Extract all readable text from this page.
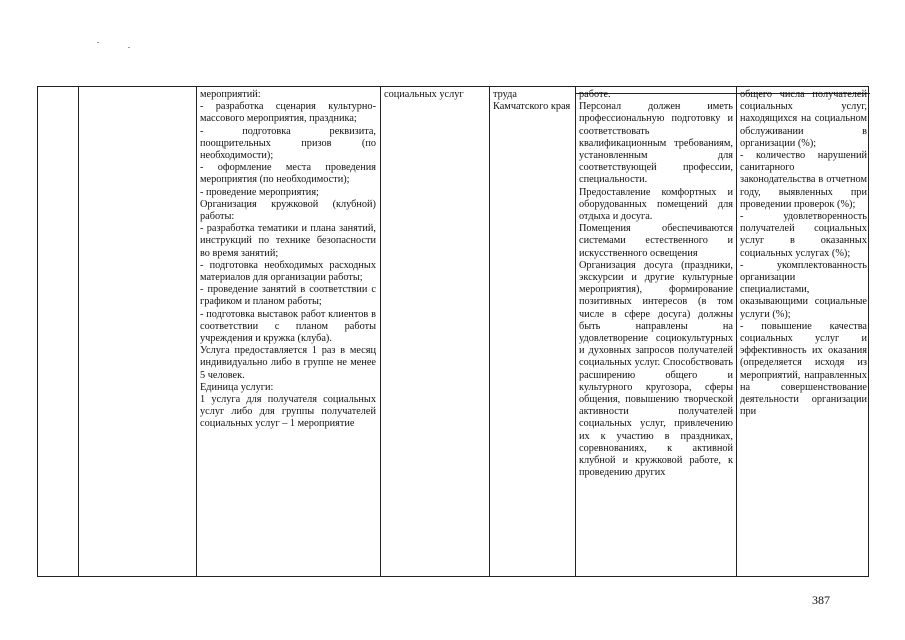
мероприятий:
- разработка сценария культурно-массового мероприятия, праздника;
- подготовка реквизита, поощрительных призов (по необходимости);
- оформление места проведения мероприятия (по необходимости);
- проведение мероприятия;
Организация кружковой (клубной) работы:
- разработка тематики и плана занятий, инструкций по технике безопасности во время занятий;
- подготовка необходимых расходных материалов для организации работы;
- проведение занятий в соответствии с графиком и планом работы;
- подготовка выставок работ клиентов в соответствии с планом работы учреждения и кружка (клуба).
Услуга предоставляется 1 раз в месяц индивидуально либо в группе не менее 5 человек.
Единица услуги:
1 услуга для получателя социальных услуг либо для группы получателей социальных услуг – 1 мероприятие
социальных услуг	труда Камчатского края
работе.
Персонал должен иметь профессиональную подготовку и соответствовать квалификационным требованиям, установленным для соответствующей профессии, специальности.
Предоставление комфортных и оборудованных помещений для отдыха и досуга.
Помещения обеспечиваются системами естественного и искусственного освещения
Организация досуга (праздники, экскурсии и другие культурные мероприятия), формирование позитивных интересов (в том числе в сфере досуга) должны быть направлены на удовлетворение социокультурных и духовных запросов получателей социальных услуг. Способствовать расширению общего и культурного кругозора, сферы общения, повышению творческой активности получателей социальных услуг, привлечению их к участию в праздниках, соревнованиях, к активной клубной и кружковой работе, к проведению других
общего числа получателей социальных услуг, находящихся на социальном обслуживании в организации (%);
- количество нарушений санитарного законодательства в отчетном году, выявленных при проведении проверок (%);
- удовлетворенность получателей социальных услуг в оказанных социальных услугах (%);
- укомплектованность организации специалистами, оказывающими социальные услуги (%);
- повышение качества социальных услуг и эффективность их оказания (определяется исходя из мероприятий, направленных на совершенствование деятельности организации при
387
